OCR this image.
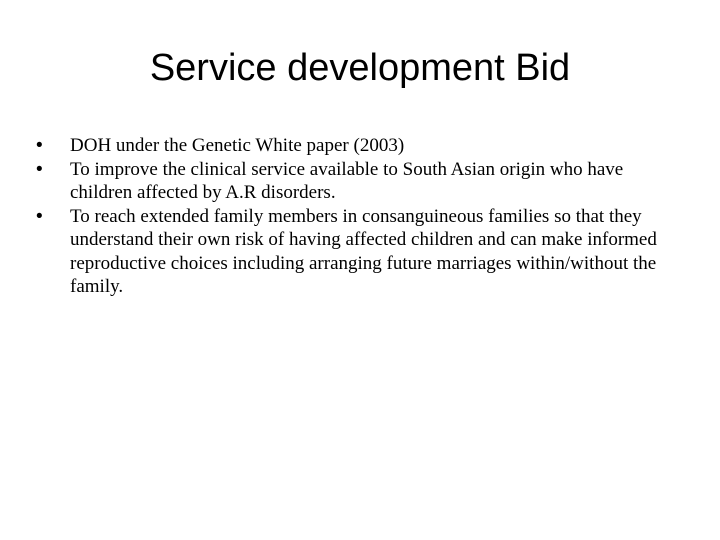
Service development Bid
•	DOH under the Genetic White paper (2003)
•	To improve the clinical service available to South Asian origin who have children affected by A.R disorders.
•	To reach extended family members in consanguineous families so that they understand their own risk of having affected children and can make informed reproductive choices including arranging future marriages within/without the family.
